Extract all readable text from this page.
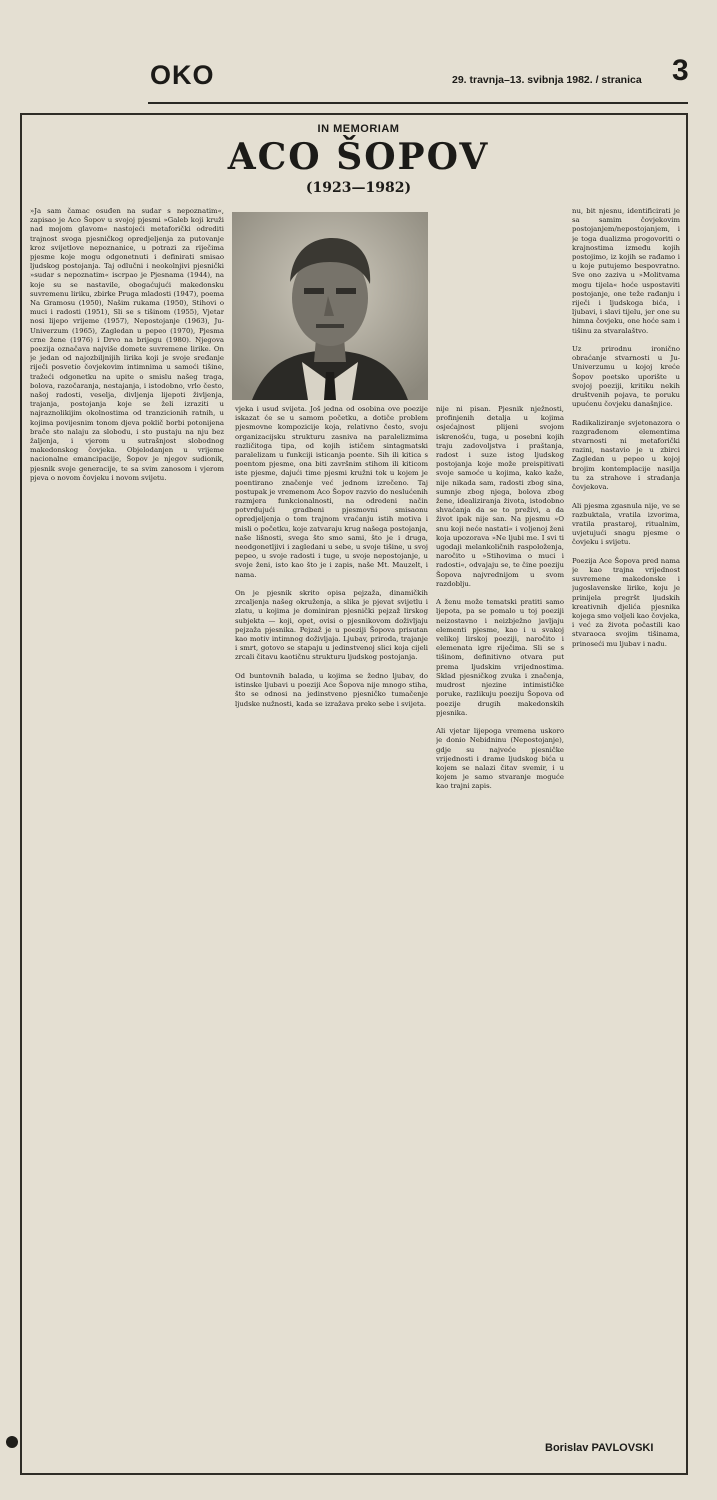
OKO	29. travnja–13. svibnja 1982. / stranica 3
IN MEMORIAM
ACO ŠOPOV
(1923—1982)
»Ja sam čamac osuđen na sudar s nepoznatim«, zapisao je Aco Šopov u svojoj pjesmi »Galeb koji kruži nad mojom glavom« nastojeći metaforički odrediti trajnost svoga pjesničkog opredjeljenja za putovanje kroz svijetlove nepoznanice, u potrazi za riječima pjesme koje mogu odgonetnuti i definirati smisao ljudskog postojanja. Taj odlučni i neokolnjivi pjesnički »sudar s nepoznatim« iscrpao je Pjesnama (1944), na koje su se nastavile, obogaćujući makedonsku suvremenu liriku, zbirke Pruga mladosti (1947), poema Na Gramosu (1950), Našim rukama (1950), Stihovi o muci i radosti (1951), Sli se s tišinom (1955), Vjetar nosi lijepo vrijeme (1957), Nepostojanje (1963), Ju-Univerzum (1965), Zagledan u pepeo (1970), Pjesma crne žene (1976) i Drvo na brijegu (1980). Njegova poezija označava najviše domete suvremene lirike. On je jedan od najozbiljnijih lirika koji je svoje sređanje riječi posvetio čovjekovim intimnima u samoći tišine, tražeći odgonetku na upite o smislu našeg traga, bolova, razočaranja, nestajanja, i istodobno, vrlo često, našoj radosti, veselja, divljenja lijepoti življenja, trajanja, postojanja koje se želi izraziti u najraznolikijim okolnostima od tranzicionih ratnih, u kojima povijesnim tonom djeva poklič borbi potonijena brače sto nalaju za slobodu, i sto pustaju na nju bez žaljenja, i vjerom u sutrašnjost slobodnog makedonskog čovjeka. Objelodanjen u vrijeme nacionalne emancipacije, Šopov je njegov sudionik, pjesnik svoje generacije, te sa svim zanosom i vjerom pjeva o novom čovjeku i novom svijetu.
vjeka i usud svijeta. Još jedna od osobina ove poezije iskazat će se u samom početku, a dotiče problem pjesmovne kompozicije koja, relativno često, svoju organizacijsku strukturu zasniva na paralelizmima različitoga tipa, od kojih ističem sintagmatski paralelizam u funkciji isticanja poente. Sih ili kitica s poentom pjesme, ona biti završnim stihom ili kiticom iste pjesme, dajući time pjesmi kružni tok u kojem je poentirano značenje već jednom izrečeno. Taj postupak je vremenom Aco Šopov razvio do neslućenih razmjera funkcionalnosti, na odredeni način potvrđujući gradbeni pjesmovni smisaonu opredjeljenja o tom trajnom vraćanju istih motiva i misli o početku, koje zatvaraju krug našega postojanja, naše lišnosti, svega što smo sami, što je i druga, neodgonetljivi i zagledani u sebe, u svoje tišine, u svoj pepeo, u svoje radosti i tuge, u svoje nepostojanje, u svoje ženi, isto kao što je i zapis, naše Mt. Mauzelt, i nama.

On je pjesnik skrito opisa pejzaža, dinamičkih zrcaljenja našeg okruženja, a slika je pjevat svijetlu i zlatu, u kojima je dominiran pjesnički pejzaž lirskog subjekta — koji, opet, ovisi o pjesnikovom doživljaju pejzaža pjesnika. Pejzaž je u poeziji Šopova prisutan kao motiv intimnog doživljaja. Ljubav, priroda, trajanje i smrt, gotovo se stapaju u jedinstvenoj slici koja cijeli zrcali čitavu kaotičnu strukturu ljudskog postojanja.

Od buntovnih balada, u kojima se žedno ljubav, do istinske ljubavi u poeziji Ace Šopova nije mnogo stiha, što se odnosi na jedinstveno pjesničko tumačenje ljudske nužnosti, kada se izražava preko sebe i svijeta.
nije ni pisan. Pjesnik nježnosti, profinjenih detalja u kojima osjećajnost plijeni svojom iskrenošću, tuga, u posebni kojih traju zadovoljstva i praštanja, radost i suze istog ljudskog postojanja koje može preispitivati svoje samoće u kojima, kako kaže, nije nikada sam, radosti zbog sina, sumnje zbog njega, bolova zbog žene, idealiziranja života, istodobno shvaćanja da se to preživi, a da život ipak nije san. Na pjesmu »O snu koji neće nastati« i voljenoj ženi koja upozorava »Ne ljubi me. I svi ti ugodaji melankoličnih raspoloženja, naročito u »Stihovima o muci i radosti«, odvajaju se, te čine poeziju Šopova najvrednijom u svom razdoblju.

A ženu može tematski pratiti samo ljepota, pa se pomalo u toj poeziji neizostavno i neizbježno javljaju elementi pjesme, kao i u svakoj velikoj lirskoj poeziji, naročito i elemenata igre riječima. Sli se s tišinom, definitivno otvara put prema ljudskim vrijednostima. Sklad pjesničkog zvuka i značenja, mudrost njezine intimističke poruke, razlikuju poeziju Šopova od poezije drugih makedonskih pjesnika.

Ali vjetar lijepoga vremena uskoro je donio Nebidninu (Nepostojanje), gdje su najveće pjesničke vrijednosti i drame ljudskog bića u kojem se nalazi čitav svemir, i u kojem je samo stvaranje moguće kao trajni zapis.
nu, bit njesnu, identificirati je sa samim čovjekovim postojanjem/nepostojanjem, i je toga dualizma progovoriti o krajnostima između kojih postojimo, iz kojih se rađamo i u koje putujemo bespovratno. Sve ono zaziva u »Molitvama mogu tijela« hoće uspostaviti postojanje, one teže rađanju i riječi i ljudskoga bića, i ljubavi, i slavi tijelu, jer one su himna čovjeku, one hoće sam i tišinu za stvaralaštvo.

Uz prirodnu ironično obraćanje stvarnosti u Ju-Univerzumu u kojoj kreće Šopov poetsko uporište u svojoj poeziji, kritiku nekih društvenih pojava, te poruku upućenu čovjeku današnjice.

Radikaliziranje svjetonazora o razgrađenom elementima stvarnosti ni metaforički razini, nastavio je u zbirci Zagledan u pepeo u kojoj brojim kontemplacije nasilja tu za strahove i stradanja čovjekova.

Ali pjesma zgasnula nije, ve se razbuktala, vratila izvorima, vratila prastaroj, ritualnim, uvjetujući snagu pjesme o čovjeku i svijetu.

Poezija Ace Šopova pred nama je kao trajna vrijednost suvremene makedonske i jugoslavenske lirike, koju je prinijela pregršt ljudskih kreativnih djelića pjesnika kojega smo voljeli kao čovjeka, i već za života počastili kao stvaraoca svojim tišinama, prinoseći mu ljubav i nadu.
Borislav PAVLOVSKI
